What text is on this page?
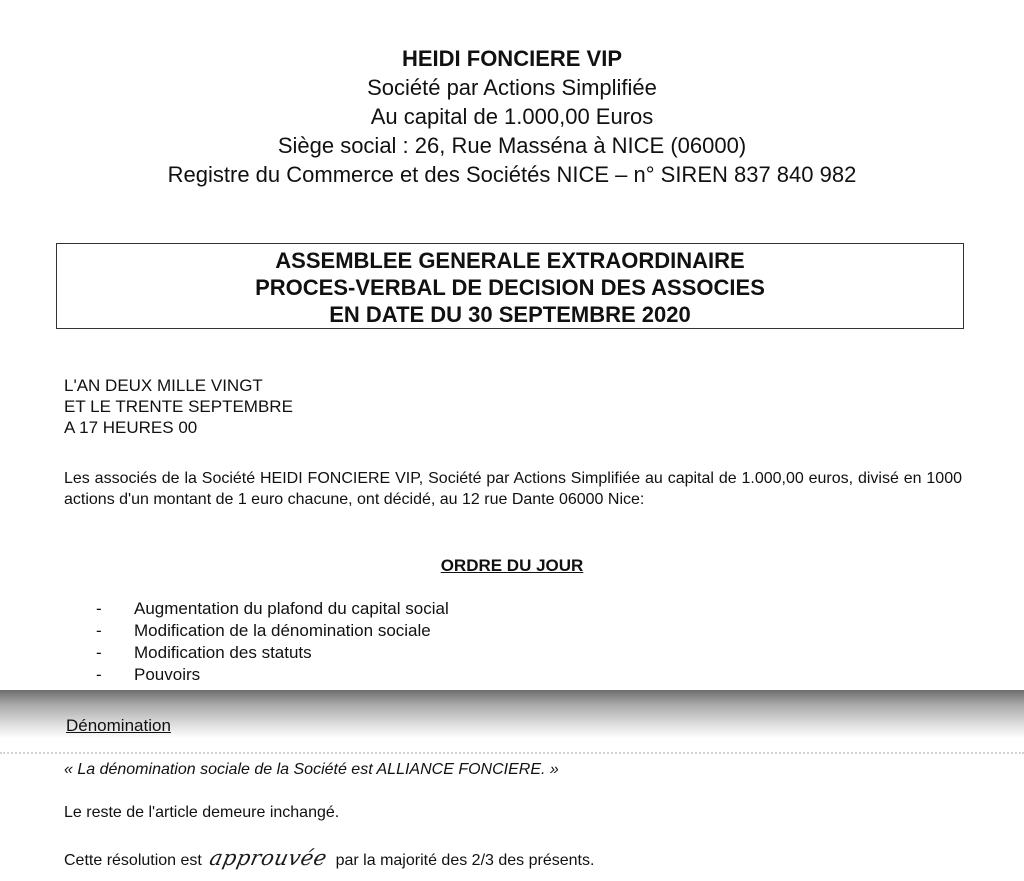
HEIDI FONCIERE VIP
Société par Actions Simplifiée
Au capital de 1.000,00 Euros
Siège social : 26, Rue Masséna à NICE (06000)
Registre du Commerce et des Sociétés NICE – n° SIREN 837 840 982
ASSEMBLEE GENERALE EXTRAORDINAIRE
PROCES-VERBAL DE DECISION DES ASSOCIES
EN DATE DU 30 SEPTEMBRE 2020
L'AN DEUX MILLE VINGT
ET LE TRENTE SEPTEMBRE
A 17 HEURES 00
Les associés de la Société HEIDI FONCIERE VIP, Société par Actions Simplifiée au capital de 1.000,00 euros, divisé en 1000 actions d'un montant de 1 euro chacune, ont décidé, au 12 rue Dante 06000 Nice:
ORDRE DU JOUR
- Augmentation du plafond du capital social
- Modification de la dénomination sociale
- Modification des statuts
- Pouvoirs
Dénomination
« La dénomination sociale de la Société est ALLIANCE FONCIERE. »
Le reste de l'article demeure inchangé.
Cette résolution est approuvée par la majorité des 2/3 des présents.
